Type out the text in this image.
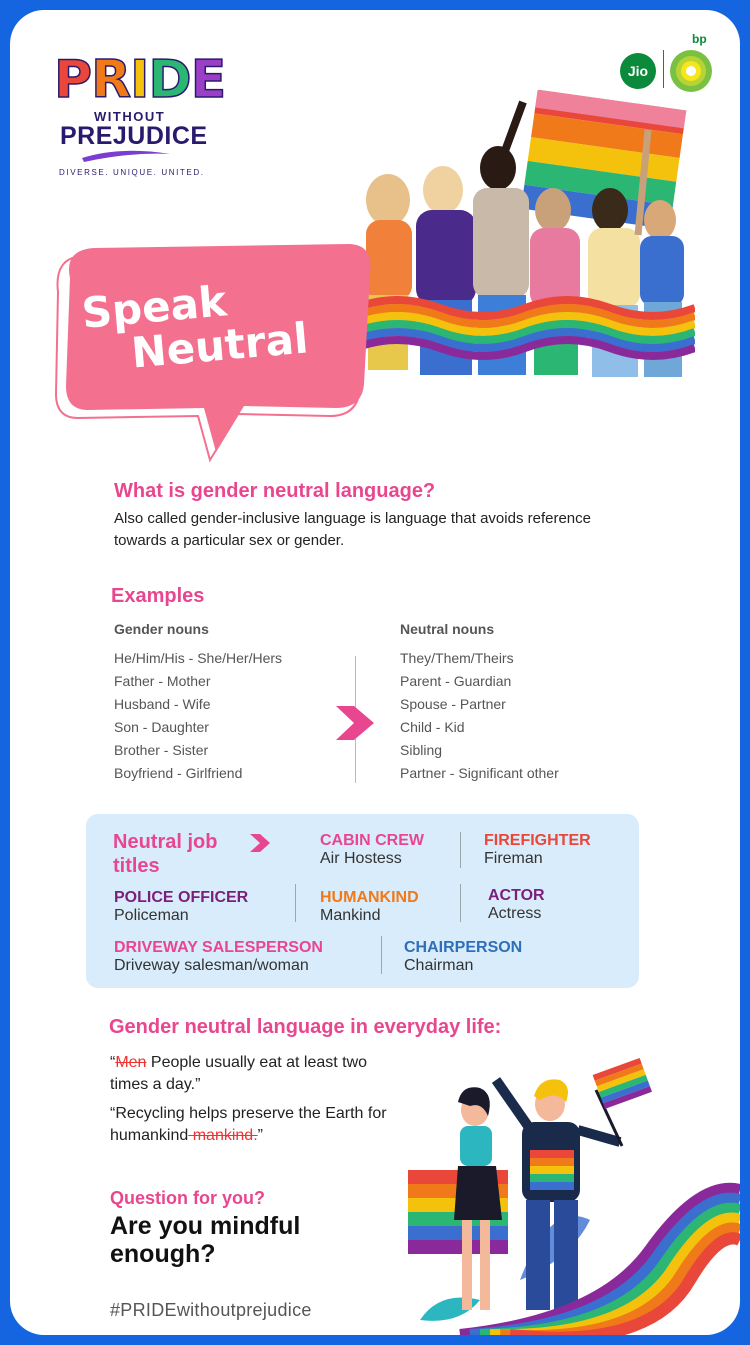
PRIDE
WITHOUT
PREJUDICE
DIVERSE. UNIQUE. UNITED.
Jio
bp
Speak
Neutral
What is gender neutral language?
Also called gender-inclusive language is language that avoids reference towards a particular sex or gender.
Examples
Gender nouns	Neutral nouns
He/Him/His - She/Her/Hers
Father - Mother
Husband - Wife
Son - Daughter
Brother - Sister
Boyfriend - Girlfriend
They/Them/Theirs
Parent - Guardian
Spouse - Partner
Child - Kid
Sibling
Partner - Significant other
Neutral job
titles
CABIN CREW
Air Hostess
FIREFIGHTER
Fireman
POLICE OFFICER
Policeman
HUMANKIND
Mankind
ACTOR
Actress
DRIVEWAY SALESPERSON
Driveway salesman/woman
CHAIRPERSON
Chairman
Gender neutral language in everyday life:
“Men People usually eat at least two times a day.”
“Recycling helps preserve the Earth for humankind mankind.”
Question for you?
Are you mindful
enough?
#PRIDEwithoutprejudice
